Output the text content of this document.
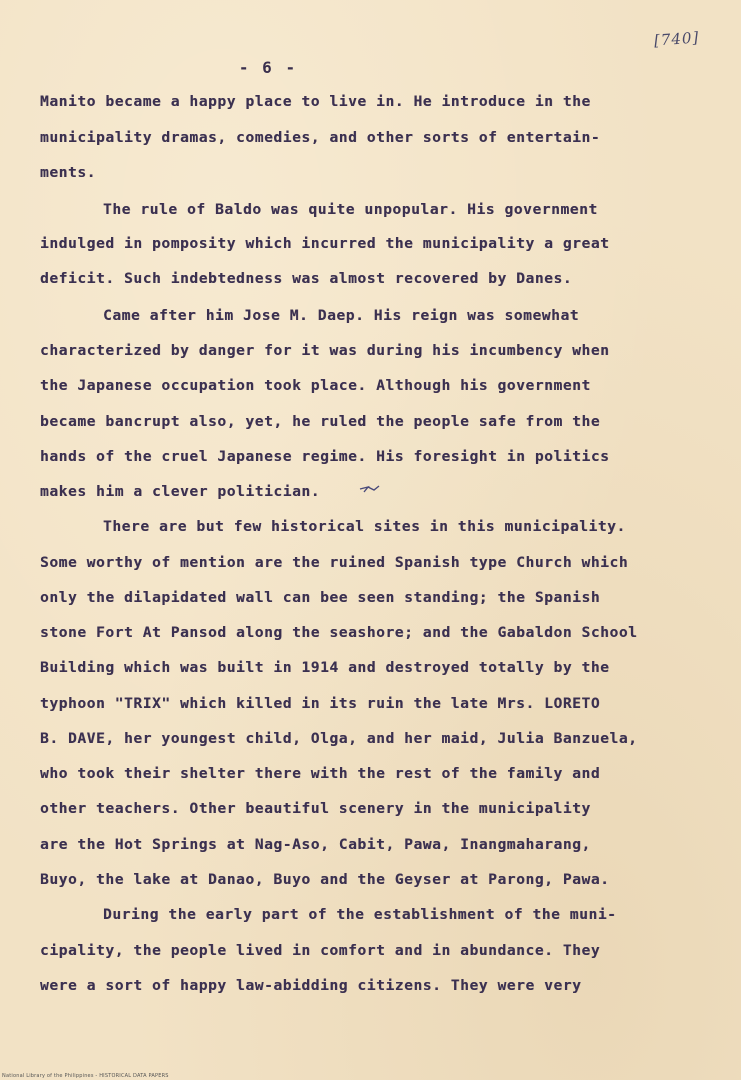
[740]
- 6 -
Manito became a happy place to live in. He introduce in the
municipality dramas, comedies, and other sorts of entertain-
ments.
The rule of Baldo was quite unpopular. His government
indulged in pomposity which incurred the municipality a great
deficit. Such indebtedness was almost recovered by Danes.
Came after him Jose M. Daep. His reign was somewhat
characterized by danger for it was during his incumbency when
the Japanese occupation took place. Although his government
became bancrupt also, yet, he ruled the people safe from the
hands of the cruel Japanese regime. His foresight in politics
makes him a clever politician.
There are but few historical sites in this municipality.
Some worthy of mention are the ruined Spanish type Church which
only the dilapidated wall can bee seen standing; the Spanish
stone Fort At Pansod along the seashore; and the Gabaldon School
Building which was built in 1914 and destroyed totally by the
typhoon "TRIX" which killed in its ruin the late Mrs. LORETO
B. DAVE, her youngest child, Olga, and her maid, Julia Banzuela,
who took their shelter there with the rest of the family and
other teachers. Other beautiful scenery in the municipality
are the Hot Springs at Nag-Aso, Cabit, Pawa, Inangmaharang,
Buyo, the lake at Danao, Buyo and the Geyser at Parong, Pawa.
During the early part of the establishment of the muni-
cipality, the people lived in comfort and in abundance. They
were a sort of happy law-abidding citizens. They were very
National Library of the Philippines - HISTORICAL DATA PAPERS
